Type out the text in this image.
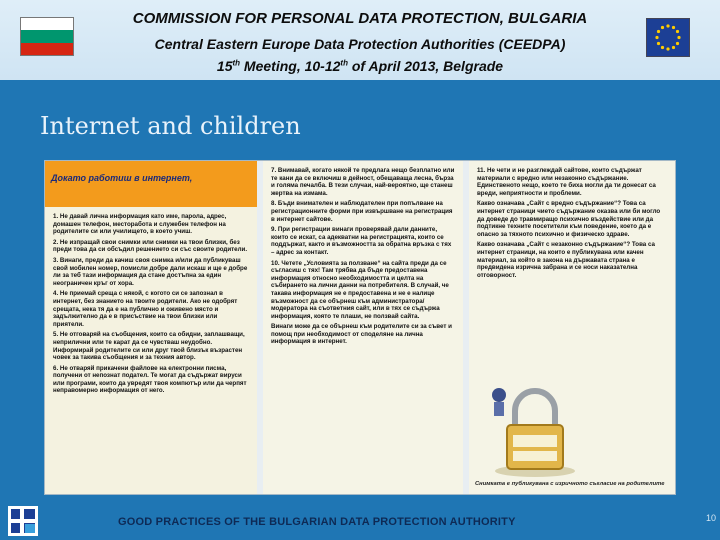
COMMISSION FOR PERSONAL DATA PROTECTION, BULGARIA
Central Eastern Europe Data Protection Authorities (CEEDPA)
15th Meeting, 10-12th of April 2013, Belgrade
Internet and children
Докато работиш в интернет,

1. Не давай лична информация като име, парола, адрес, домашен телефон, месторабота и служебен телефон на родителите си или училището, в което учиш.

2. Не изпращай свои снимки или снимки на твои близки, без преди това да си обсъдил решението си със своите родители.

3. Винаги, преди да качиш своя снимка и/или да публикуваш свой мобилен номер, помисли добре дали искаш и ще е добре ли за теб тази информация да стане достъпна за един неограничен кръг от хора.

4. Не приемай среща с някой, с когото си се запознал в интернет, без знанието на твоите родители. Ако не одобрят срещата, нека тя да е на публично и оживено място и задължително да е в присъствие на твои близки или приятели.

5. Не отговаряй на съобщения, които са обидни, заплашващи, неприлични или те карат да се чувстваш неудобно. Информирай родителите си или друг твой близък възрастен човек за такива съобщения и за техния автор.

6. Не отваряй прикачени файлове на електронни писма, получени от непознат подател. Те могат да съдържат вируси или програми, които да увредят твоя компютър или да черпят неправомерно информация от него.

7. Внимавай, когато някой те предлага нещо безплатно или те кани да се включиш в дейност, обещаваща лесна, бърза и голяма печалба. В тези случаи, най-вероятно, ще станеш жертва на измама.

8. Бъди внимателен и наблюдателен при попълване на регистрационните форми при извършване на регистрация в интернет сайтове.

9. При регистрации винаги проверявай дали данните, които се искат, са адекватни на регистрацията, които се поддържат, както и възможността за обратна връзка с тях – адрес за контакт.

10. Четете „Условията за ползване“ на сайта преди да се съгласиш с тях! Там трябва да бъде предоставена информация относно необходимостта и целта на събирането на лични данни на потребителя. В случай, че такава информация не е предоставена и не е налице възможност да се обърнеш към администратора/модератора на съответния сайт, или в тях се съдържа информация, която те плаши, не ползвай сайта.

Винаги може да се обърнеш към родителите си за съвет и помощ при необходимост от споделяне на лична информация в интернет.

11. Не чети и не разглеждай сайтове, които съдържат материали с вредно или незаконно съдържание. Единственото нещо, което те биха могли да ти донесат са вреди, неприятности и проблеми.

Какво означава „Сайт с вредно съдържание“? Това са интернет страници чието съдържание оказва или би могло да доведе до травмиращо психично въздействие или да подтикне техните посетители към поведение, което да е опасно за тяхното психично и физическо здраве.

Какво означава „Сайт с незаконно съдържание“? Това са интернет страници, на които е публикувана или качен материал, за който в закона на държавата страна е предвидена изрична забрана и се носи наказателна отговорност.

Снимката е публикувана с изричното съгласие на родителите
GOOD PRACTICES OF THE BULGARIAN DATA PROTECTION AUTHORITY	10
